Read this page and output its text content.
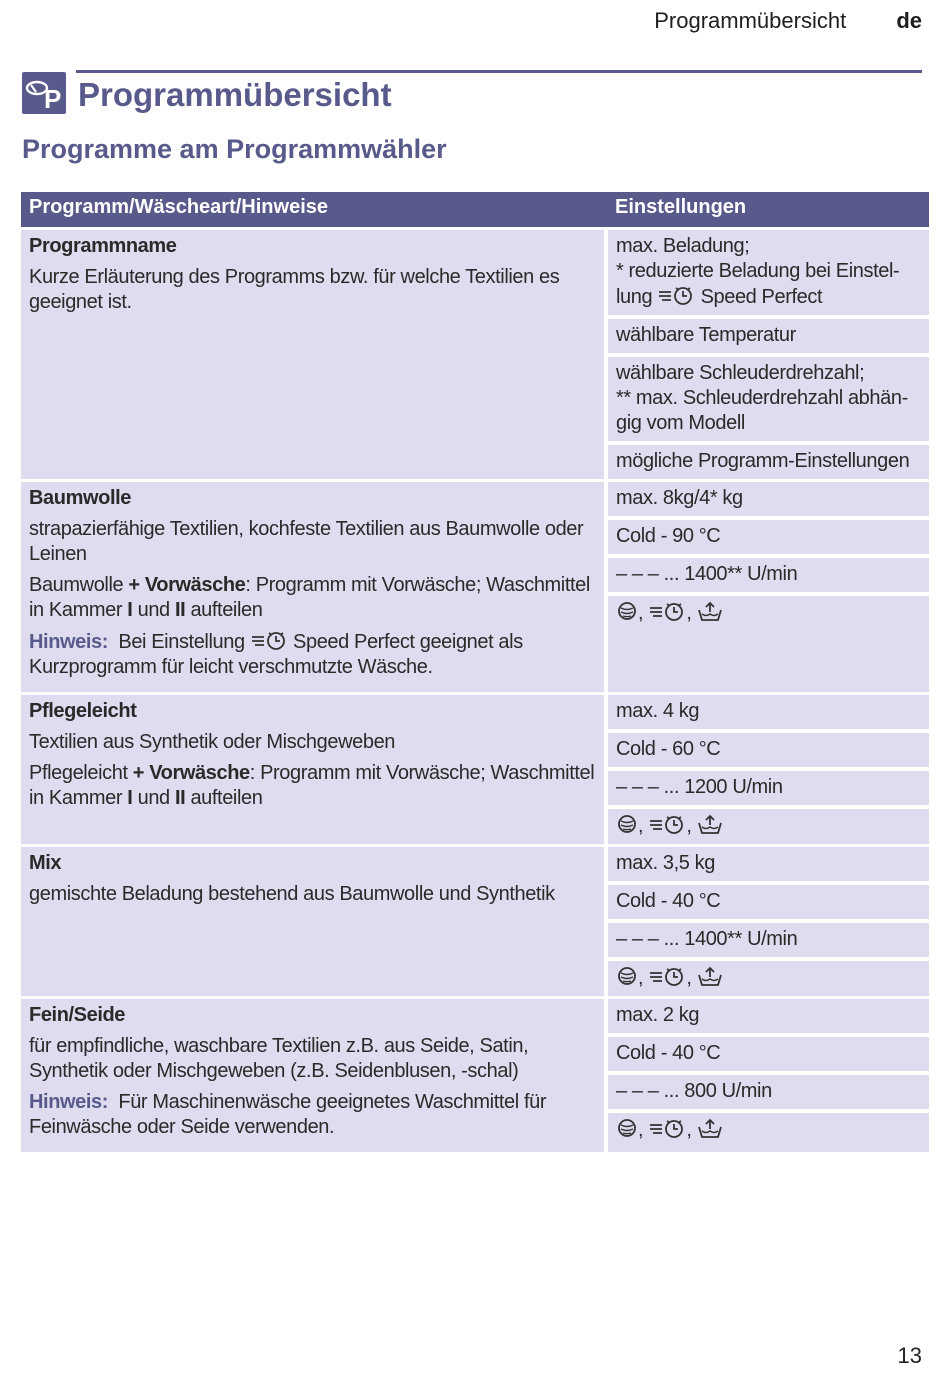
Programmübersicht de
P Programmübersicht
Programme am Programmwähler
Programm/Wäscheart/Hinweise	Einstellungen
Programmname
Kurze Erläuterung des Programms bzw. für welche Textilien es geeignet ist.
max. Beladung;
* reduzierte Beladung bei Einstel-
lung Speed Perfect
wählbare Temperatur
wählbare Schleuderdrehzahl;
** max. Schleuderdrehzahl abhän-gig vom Modell
mögliche Programm-Einstellungen
Baumwolle
strapazierfähige Textilien, kochfeste Textilien aus Baumwolle oder Leinen
Baumwolle + Vorwäsche: Programm mit Vorwäsche; Waschmittel in Kammer I und II aufteilen
Hinweis: Bei Einstellung Speed Perfect geeignet als Kurzprogramm für leicht verschmutzte Wäsche.
max. 8kg/4* kg
Cold - 90 °C
– – – ... 1400** U/min
, ,
Pflegeleicht
Textilien aus Synthetik oder Mischgeweben
Pflegeleicht + Vorwäsche: Programm mit Vorwäsche; Waschmittel in Kammer I und II aufteilen
max. 4 kg
Cold - 60 °C
– – – ... 1200 U/min
, ,
Mix
gemischte Beladung bestehend aus Baumwolle und Synthetik
max. 3,5 kg
Cold - 40 °C
– – – ... 1400** U/min
, ,
Fein/Seide
für empfindliche, waschbare Textilien z.B. aus Seide, Satin, Synthetik oder Mischgeweben (z.B. Seidenblusen, -schal)
Hinweis: Für Maschinenwäsche geeignetes Waschmittel für Feinwäsche oder Seide verwenden.
max. 2 kg
Cold - 40 °C
– – – ... 800 U/min
, ,
13
